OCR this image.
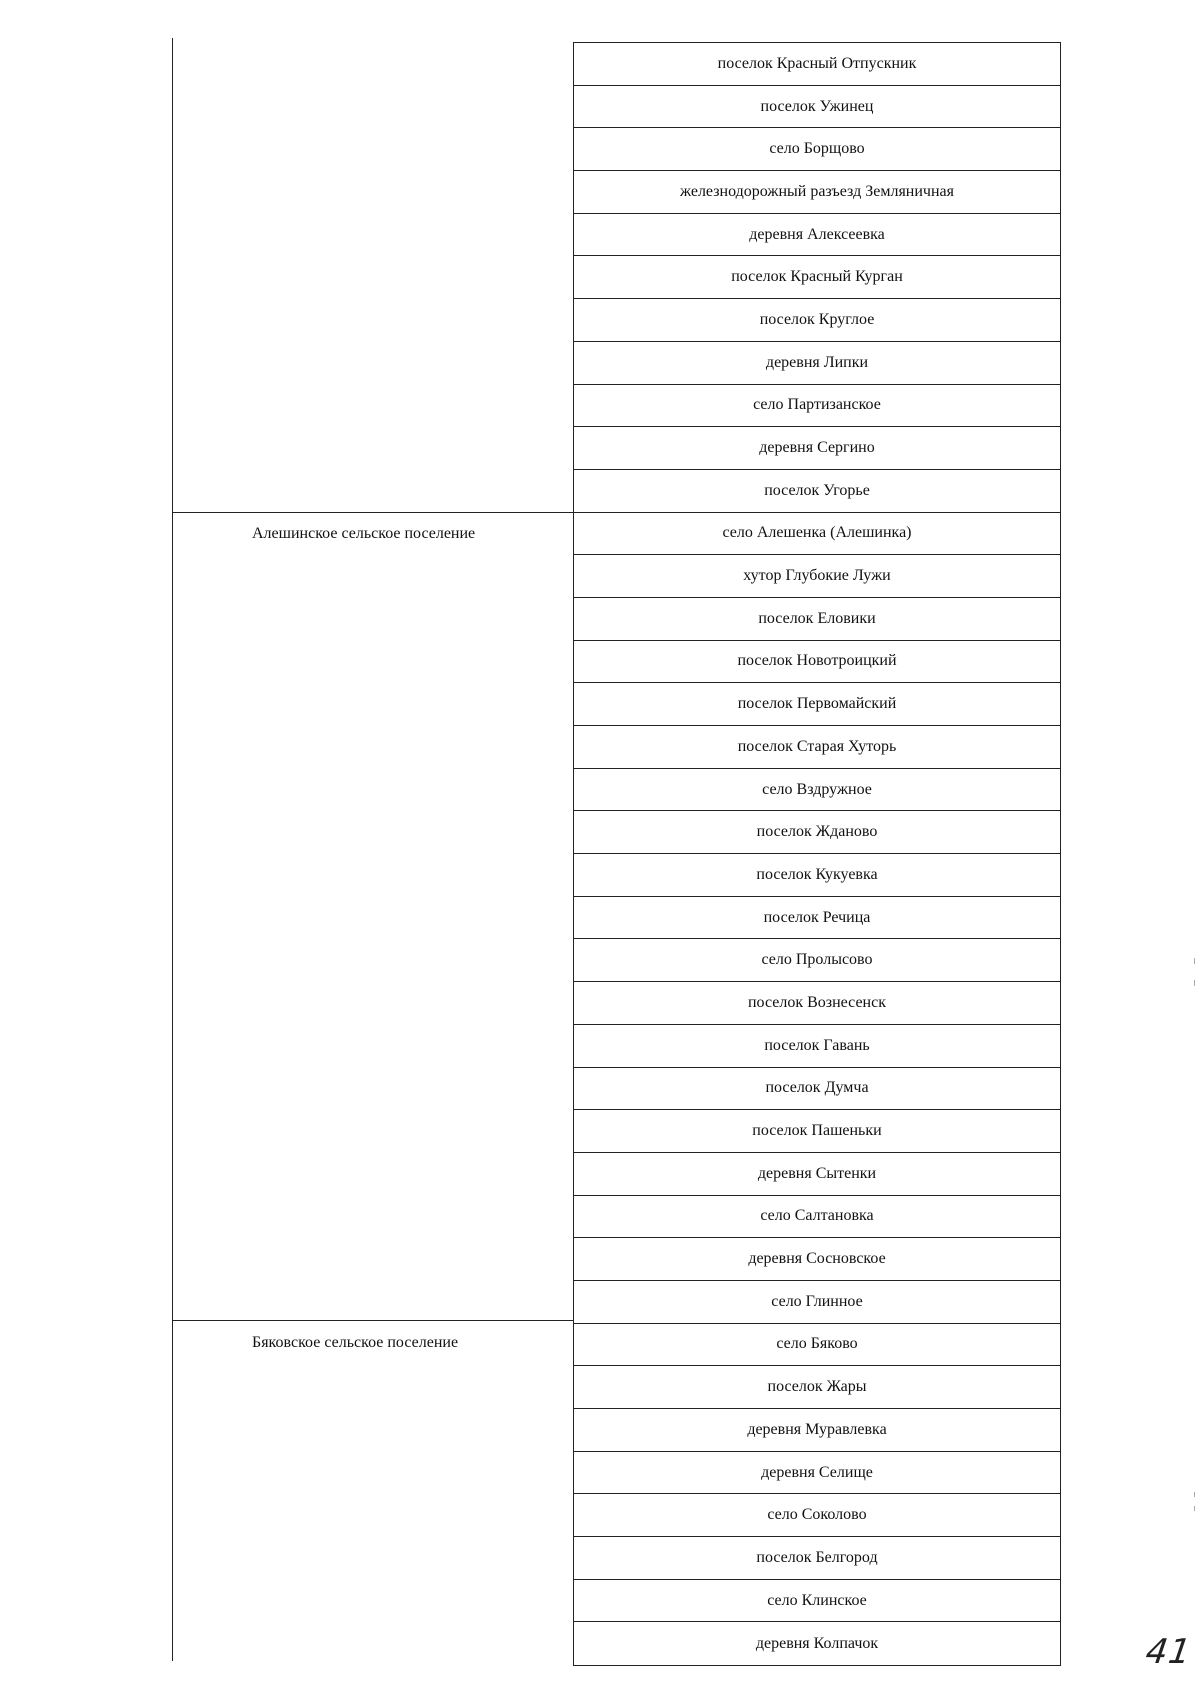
Алешинское сельское поселение
Бяковское сельское поселение
поселок Красный Отпускник
поселок Ужинец
село Борщово
железнодорожный разъезд Земляничная
деревня Алексеевка
поселок Красный Курган
поселок Круглое
деревня Липки
село Партизанское
деревня Сергино
поселок Угорье
село Алешенка (Алешинка)
хутор Глубокие Лужи
поселок Еловики
поселок Новотроицкий
поселок Первомайский
поселок Старая Хуторь
село Вздружное
поселок Жданово
поселок Кукуевка
поселок Речица
село Пролысово
поселок Вознесенск
поселок Гавань
поселок Думча
поселок Пашеньки
деревня Сытенки
село Салтановка
деревня Сосновское
село Глинное
село Бяково
поселок Жары
деревня Муравлевка
деревня Селище
село Соколово
поселок Белгород
село Клинское
деревня Колпачок	41
